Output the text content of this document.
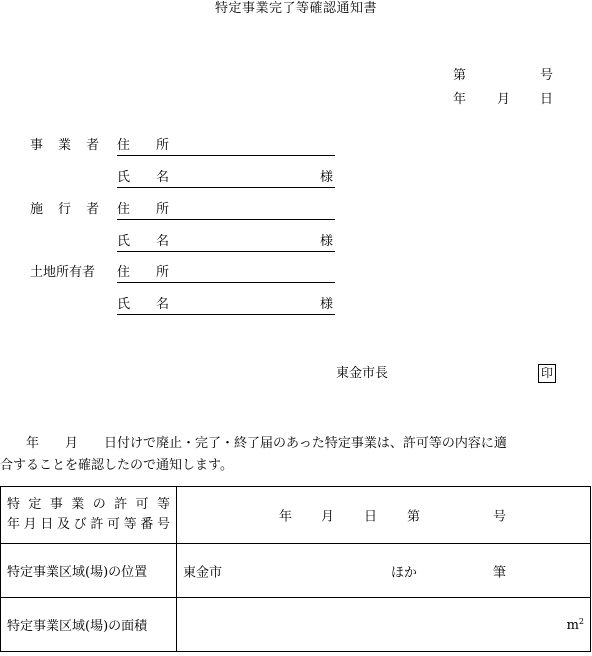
特定事業完了等確認通知書
第	号
年 月 日
事　業　者 住　　所
氏　　名	様
施　行　者 住　　所
氏　　名	様
土地所有者 住　　所
氏　　名	様
東金市長	印

　　年　　月　　日付けで廃止・完了・終了届のあった特定事業は、許可等の内容に適

合することを確認したので通知します。

特定事業の許可等
年月日及び許可等番号	年 月 日 第 号

特定事業区域(場)の位置	東金市 ほか 筆

特定事業区域(場)の面積	$m^2$
